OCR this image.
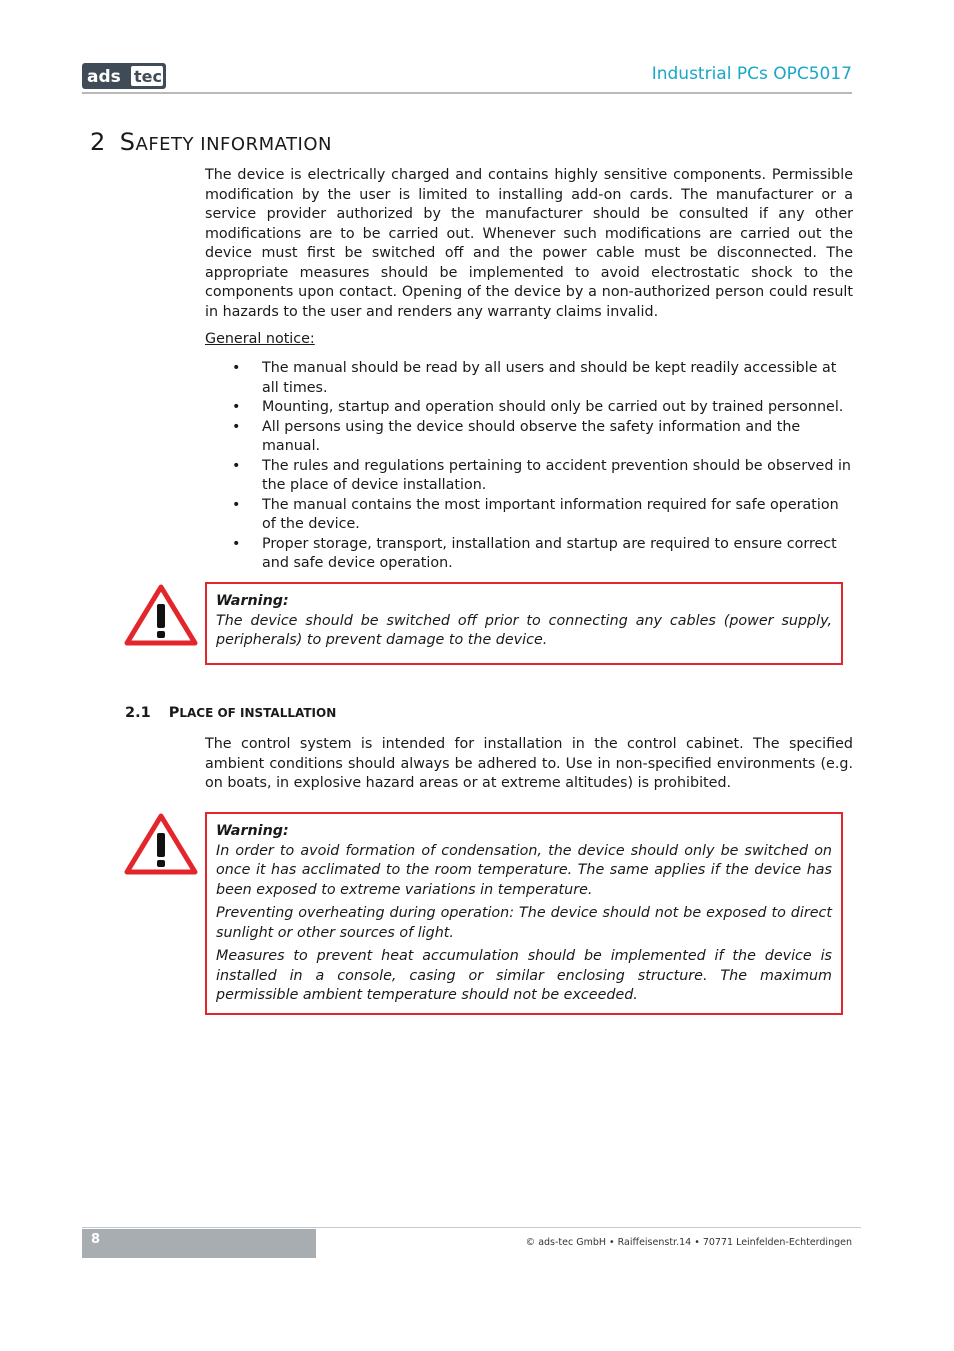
ads tec	Industrial PCs OPC5017
2 SAFETY INFORMATION
The device is electrically charged and contains highly sensitive components. Permissible modification by the user is limited to installing add-on cards. The manufacturer or a service provider authorized by the manufacturer should be consulted if any other modifications are to be carried out. Whenever such modifications are carried out the device must first be switched off and the power cable must be disconnected. The appropriate measures should be implemented to avoid electrostatic shock to the components upon contact. Opening of the device by a non-authorized person could result in hazards to the user and renders any warranty claims invalid.
General notice:
• The manual should be read by all users and should be kept readily accessible at all times.
• Mounting, startup and operation should only be carried out by trained personnel.
• All persons using the device should observe the safety information and the manual.
• The rules and regulations pertaining to accident prevention should be observed in the place of device installation.
• The manual contains the most important information required for safe operation of the device.
• Proper storage, transport, installation and startup are required to ensure correct and safe device operation.
Warning:

The device should be switched off prior to connecting any cables (power supply, peripherals) to prevent damage to the device.

2.1 PLACE OF INSTALLATION
The control system is intended for installation in the control cabinet. The specified ambient conditions should always be adhered to. Use in non-specified environments (e.g. on boats, in explosive hazard areas or at extreme altitudes) is prohibited.
Warning:

In order to avoid formation of condensation, the device should only be switched on once it has acclimated to the room temperature. The same applies if the device has been exposed to extreme variations in temperature.

Preventing overheating during operation: The device should not be exposed to direct sunlight or other sources of light.

Measures to prevent heat accumulation should be implemented if the device is installed in a console, casing or similar enclosing structure. The maximum permissible ambient temperature should not be exceeded.

8	© ads-tec GmbH • Raiffeisenstr.14 • 70771 Leinfelden-Echterdingen
